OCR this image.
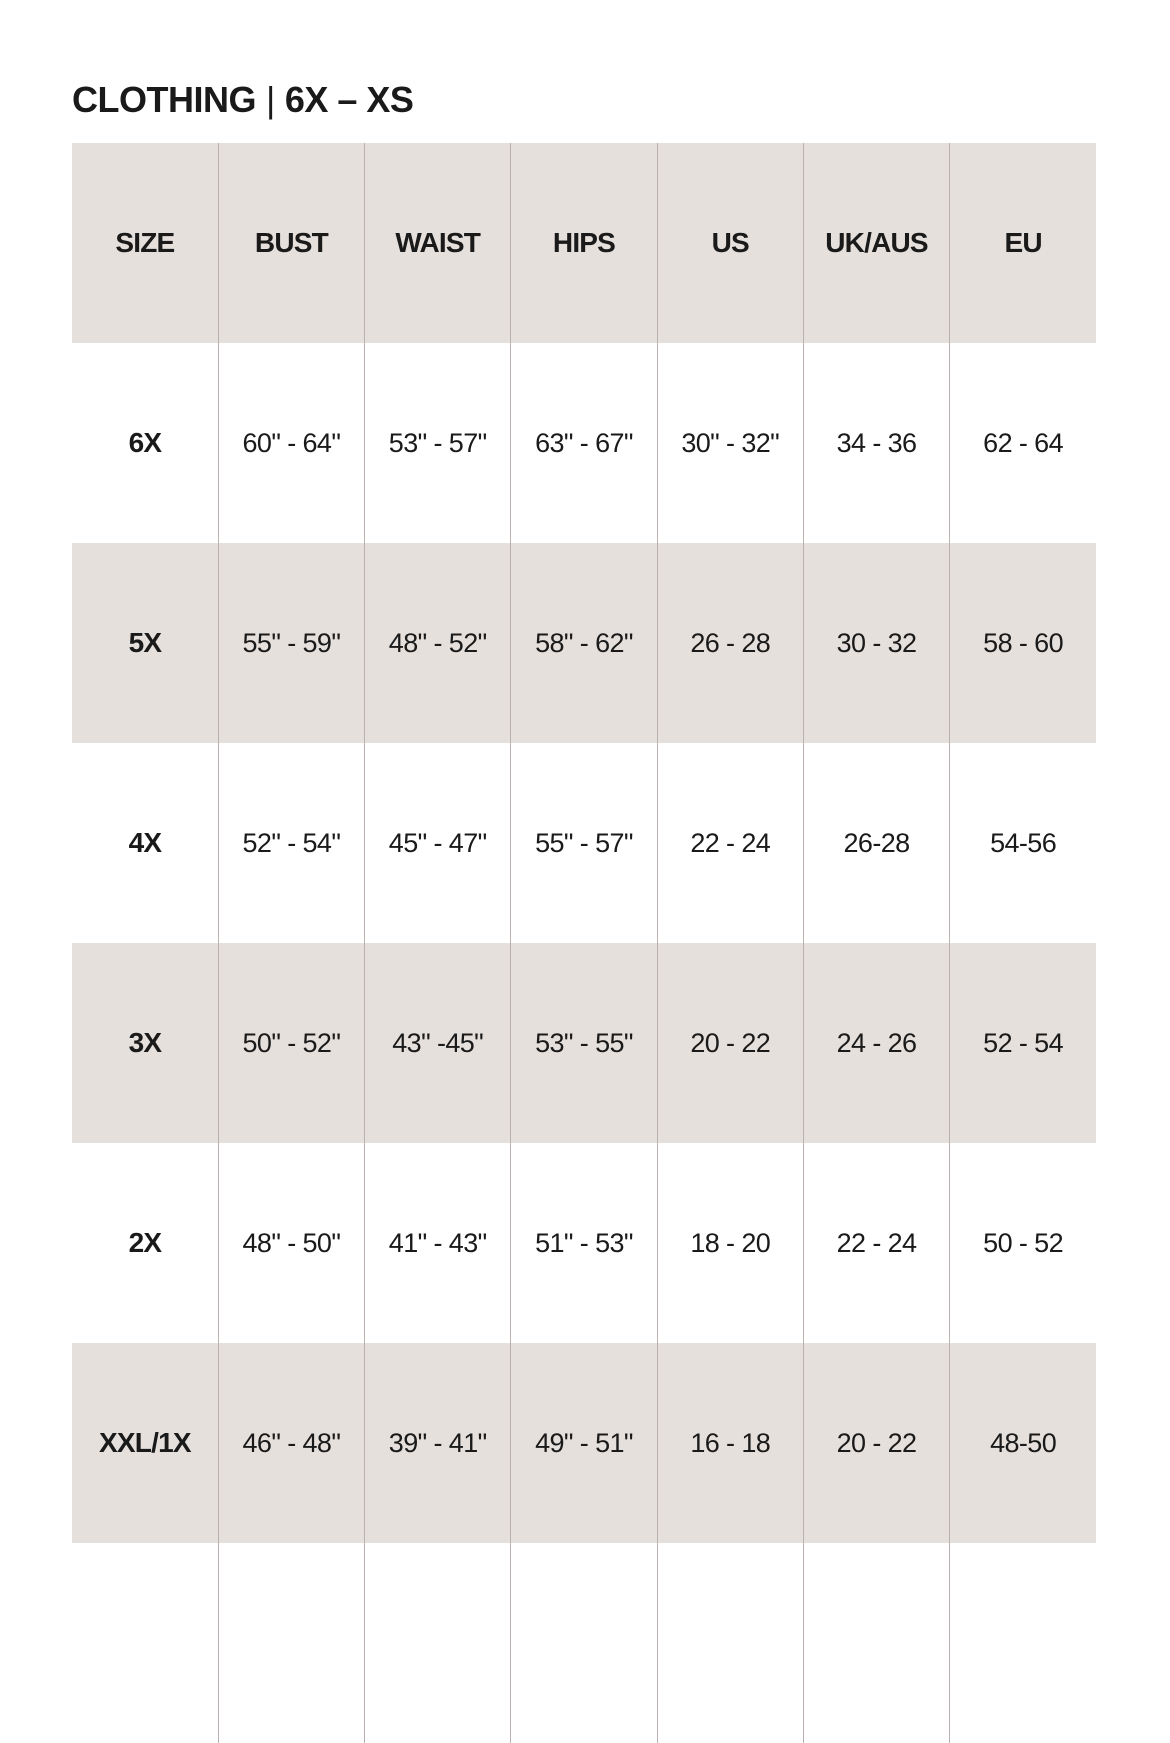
CLOTHING | 6X – XS
SIZE	BUST	WAIST	HIPS	US	UK/AUS	EU
6X	60" - 64"	53" - 57"	63" - 67"	30" - 32"	34 - 36	62 - 64
5X	55" - 59"	48" - 52"	58" - 62"	26 - 28	30 - 32	58 - 60
4X	52" - 54"	45" - 47"	55" - 57"	22 - 24	26-28	54-56
3X	50" - 52"	43" -45"	53" - 55"	20 - 22	24 - 26	52 - 54
2X	48" - 50"	41" - 43"	51" - 53"	18 - 20	22 - 24	50 - 52
XXL/1X	46" - 48"	39" - 41"	49" - 51"	16 - 18	20 - 22	48-50
